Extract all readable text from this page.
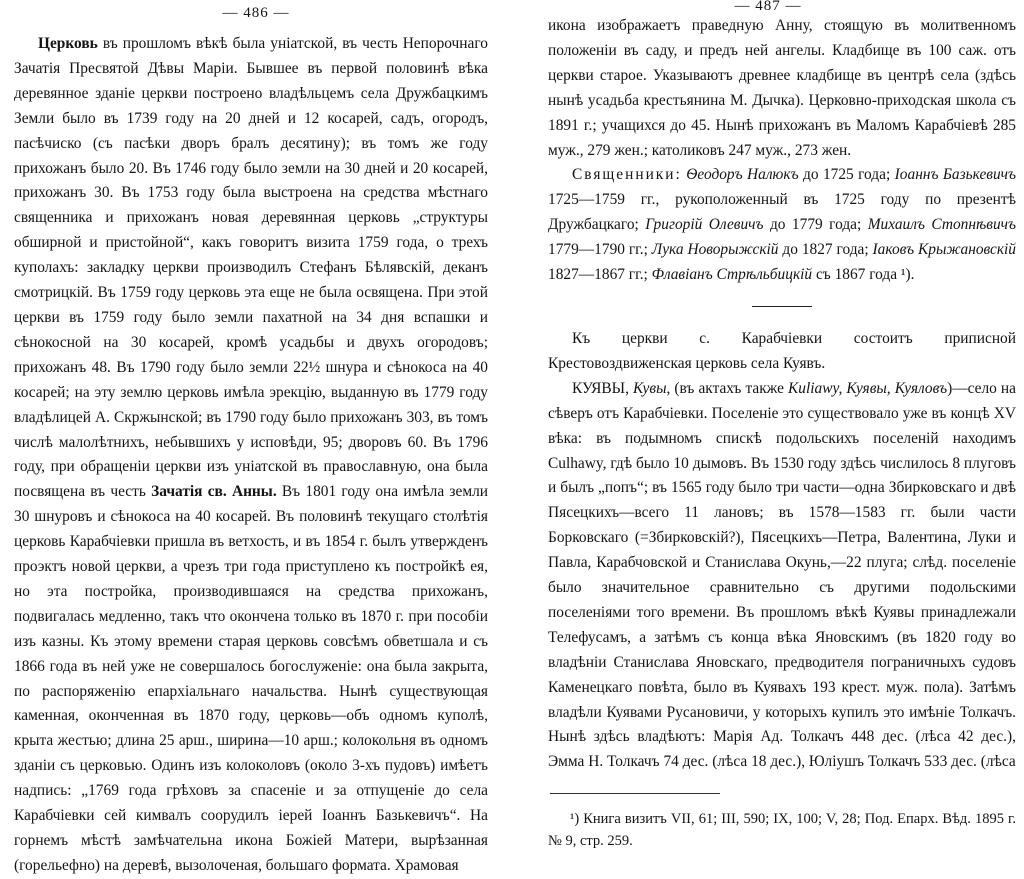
— 486 —

Церковь въ прошломъ вѣкѣ была уніатской, въ честь Непорочнаго Зачатія Пресвятой Дѣвы Маріи. Бывшее въ первой половинѣ вѣка деревянное зданіе церкви построено владѣльцемъ села Дружбацкимъ Земли было въ 1739 году на 20 дней и 12 косарей, садъ, огородъ, пасѣчиско (съ пасѣки дворъ бралъ десятину); въ томъ же году прихожанъ было 20. Въ 1746 году было земли на 30 дней и 20 косарей, прихожанъ 30. Въ 1753 году была выстроена на средства мѣстнаго священника и прихожанъ новая деревянная церковь „структуры обширной и пристойной“, какъ говоритъ визита 1759 года, о трехъ куполахъ: закладку церкви производилъ Стефанъ Бѣлявскій, деканъ смотрицкій. Въ 1759 году церковь эта еще не была освящена. При этой церкви въ 1759 году было земли пахатной на 34 дня вспашки и сѣнокосной на 30 косарей, кромѣ усадьбы и двухъ огородовъ; прихожанъ 48. Въ 1790 году было земли 22½ шнура и сѣнокоса на 40 косарей; на эту землю церковь имѣла эрекцію, выданную въ 1779 году владѣлицей А. Скржынской; въ 1790 году было прихожанъ 303, въ томъ числѣ малолѣтнихъ, небывшихъ у исповѣди, 95; дворовъ 60. Въ 1796 году, при обращеніи церкви изъ уніатской въ православную, она была посвящена въ честь Зачатія св. Анны. Въ 1801 году она имѣла земли 30 шнуровъ и сѣнокоса на 40 косарей. Въ половинѣ текущаго столѣтія церковь Карабчіевки пришла въ ветхость, и въ 1854 г. былъ утвержденъ проэктъ новой церкви, а чрезъ три года приступлено къ постройкѣ ея, но эта постройка, производившаяся на средства прихожанъ, подвигалась медленно, такъ что окончена только въ 1870 г. при пособіи изъ казны. Къ этому времени старая церковь совсѣмъ обветшала и съ 1866 года въ ней уже не совершалось богослуженіе: она была закрыта, по распоряженію епархіальнаго начальства. Нынѣ существующая каменная, оконченная въ 1870 году, церковь—объ одномъ куполѣ, крыта жестью; длина 25 арш., ширина—10 арш.; колокольня въ одномъ зданіи съ церковью. Одинъ изъ колоколовъ (около 3-хъ пудовъ) имѣетъ надпись: „1769 года грѣховъ за спасеніе и за отпущеніе до села Карабчіевки сей кимвалъ соорудилъ іерей Іоаннъ Базькевичъ“. На горнемъ мѣстѣ замѣчательна икона Божіей Матери, вырѣзанная (горельефно) на деревѣ, вызолоченая, большаго формата. Храмовая

— 487 —

икона изображаетъ праведную Анну, стоящую въ молитвенномъ положеніи въ саду, и предъ ней ангелы. Кладбище въ 100 саж. отъ церкви старое. Указываютъ древнее кладбище въ центрѣ села (здѣсь нынѣ усадьба крестьянина М. Дычка). Церковно-приходская школа съ 1891 г.; учащихся до 45. Нынѣ прихожанъ въ Маломъ Карабчіевѣ 285 муж., 279 жен.; католиковъ 247 муж., 273 жен.

Священники: Ѳеодоръ Налюкъ до 1725 года; Іоаннъ Базькевичъ 1725—1759 гг., рукоположенный въ 1725 году по презентѣ Дружбацкаго; Григорій Олевичъ до 1779 года; Михаилъ Стопнѣвичъ 1779—1790 гг.; Лука Новорыжскій до 1827 года; Іаковъ Крыжановскій 1827—1867 гг.; Флавіанъ Стрѣльбицкій съ 1867 года ¹).

Къ церкви с. Карабчіевки состоитъ приписной Крестовоздвиженская церковь села Куявъ.

КУЯВЫ, Кувы, (въ актахъ также Kulіawy, Куявы, Куяловъ)—село на сѣверъ отъ Карабчіевки. Поселеніе это существовало уже въ концѣ XV вѣка: въ подымномъ спискѣ подольскихъ поселеній находимъ Culhawy, гдѣ было 10 дымовъ. Въ 1530 году здѣсь числилось 8 плуговъ и былъ „попъ“; въ 1565 году было три части—одна Збирковскаго и двѣ Пясецкихъ—всего 11 лановъ; въ 1578—1583 гг. были части Борковскаго (=Збирковскій?), Пясецкихъ—Петра, Валентина, Луки и Павла, Карабчовской и Станислава Окунь,—22 плуга; слѣд. поселеніе было значительное сравнительно съ другими подольскими поселеніями того времени. Въ прошломъ вѣкѣ Куявы принадлежали Телефусамъ, а затѣмъ съ конца вѣка Яновскимъ (въ 1820 году во владѣніи Станислава Яновскаго, предводителя пограничныхъ судовъ Каменецкаго повѣта, было въ Куявахъ 193 крест. муж. пола). Затѣмъ владѣли Куявами Русановичи, у которыхъ купилъ это имѣніе Толкачъ. Нынѣ здѣсь владѣютъ: Марія Ад. Толкачъ 448 дес. (лѣса 42 дес.), Эмма Н. Толкачъ 74 дес. (лѣса 18 дес.), Юліушъ Толкачъ 533 дес. (лѣса

¹) Книга визитъ VII, 61; III, 590; IX, 100; V, 28; Под. Епарх. Вѣд. 1895 г. № 9, стр. 259.
